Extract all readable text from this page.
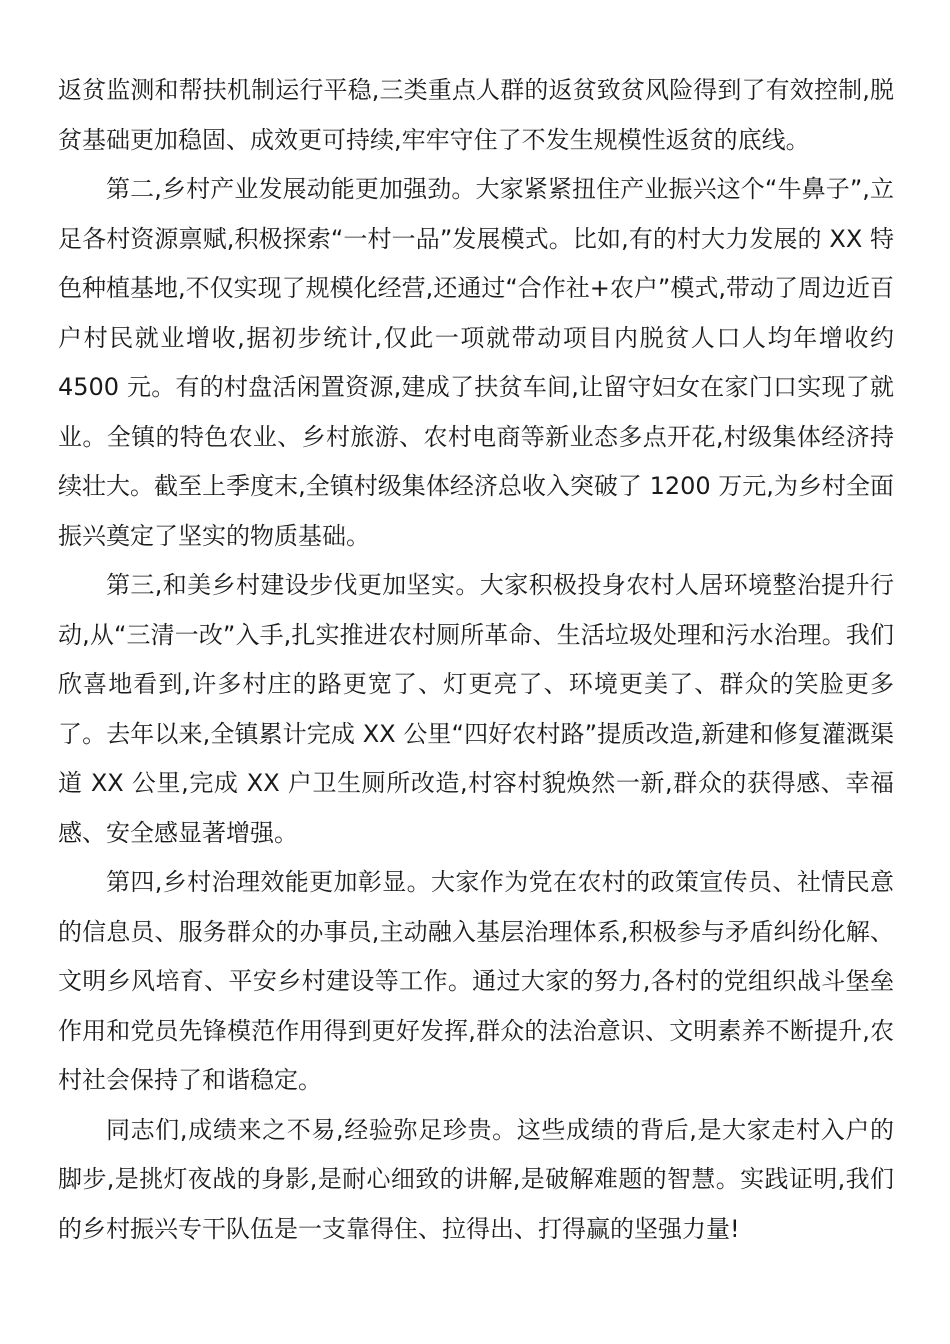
返贫监测和帮扶机制运行平稳,三类重点人群的返贫致贫风险得到了有效控制,脱贫基础更加稳固、成效更可持续,牢牢守住了不发生规模性返贫的底线。

第二,乡村产业发展动能更加强劲。大家紧紧扭住产业振兴这个“牛鼻子”,立足各村资源禀赋,积极探索“一村一品”发展模式。比如,有的村大力发展的 XX 特色种植基地,不仅实现了规模化经营,还通过“合作社+农户”模式,带动了周边近百户村民就业增收,据初步统计,仅此一项就带动项目内脱贫人口人均年增收约 4500 元。有的村盘活闲置资源,建成了扶贫车间,让留守妇女在家门口实现了就业。全镇的特色农业、乡村旅游、农村电商等新业态多点开花,村级集体经济持续壮大。截至上季度末,全镇村级集体经济总收入突破了 1200 万元,为乡村全面振兴奠定了坚实的物质基础。

第三,和美乡村建设步伐更加坚实。大家积极投身农村人居环境整治提升行动,从“三清一改”入手,扎实推进农村厕所革命、生活垃圾处理和污水治理。我们欣喜地看到,许多村庄的路更宽了、灯更亮了、环境更美了、群众的笑脸更多了。去年以来,全镇累计完成 XX 公里“四好农村路”提质改造,新建和修复灌溉渠道 XX 公里,完成 XX 户卫生厕所改造,村容村貌焕然一新,群众的获得感、幸福感、安全感显著增强。

第四,乡村治理效能更加彰显。大家作为党在农村的政策宣传员、社情民意的信息员、服务群众的办事员,主动融入基层治理体系,积极参与矛盾纠纷化解、文明乡风培育、平安乡村建设等工作。通过大家的努力,各村的党组织战斗堡垒作用和党员先锋模范作用得到更好发挥,群众的法治意识、文明素养不断提升,农村社会保持了和谐稳定。

同志们,成绩来之不易,经验弥足珍贵。这些成绩的背后,是大家走村入户的脚步,是挑灯夜战的身影,是耐心细致的讲解,是破解难题的智慧。实践证明,我们的乡村振兴专干队伍是一支靠得住、拉得出、打得赢的坚强力量!
